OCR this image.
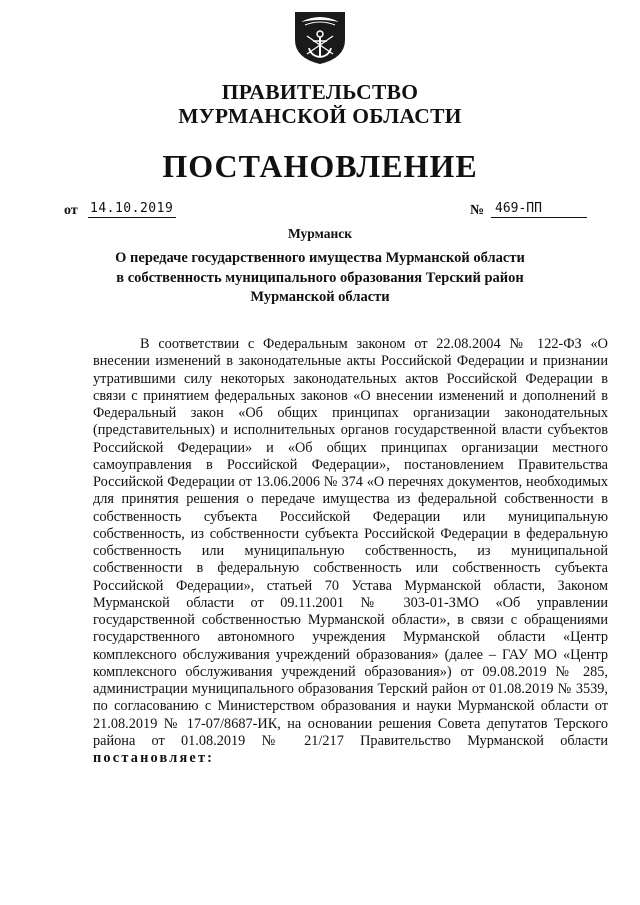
ПРАВИТЕЛЬСТВО
МУРМАНСКОЙ ОБЛАСТИ
ПОСТАНОВЛЕНИЕ
от 14.10.2019	№ 469-ПП
Мурманск
О передаче государственного имущества Мурманской области
в собственность муниципального образования Терский район
Мурманской области

В соответствии с Федеральным законом от 22.08.2004 № 122-ФЗ «О внесении изменений в законодательные акты Российской Федерации и признании утратившими силу некоторых законодательных актов Российской Федерации в связи с принятием федеральных законов «О внесении изменений и дополнений в Федеральный закон «Об общих принципах организации законодательных (представительных) и исполнительных органов государственной власти субъектов Российской Федерации» и «Об общих принципах организации местного самоуправления в Российской Федерации», постановлением Правительства Российской Федерации от 13.06.2006 № 374 «О перечнях документов, необходимых для принятия решения о передаче имущества из федеральной собственности в собственность субъекта Российской Федерации или муниципальную собственность, из собственности субъекта Российской Федерации в федеральную собственность или муниципальную собственность, из муниципальной собственности в федеральную собственность или собственность субъекта Российской Федерации», статьей 70 Устава Мурманской области, Законом Мурманской области от 09.11.2001 № 303-01-ЗМО «Об управлении государственной собственностью Мурманской области», в связи с обращениями государственного автономного учреждения Мурманской области «Центр комплексного обслуживания учреждений образования» (далее – ГАУ МО «Центр комплексного обслуживания учреждений образования») от 09.08.2019 № 285, администрации муниципального образования Терский район от 01.08.2019 № 3539, по согласованию с Министерством образования и науки Мурманской области от 21.08.2019 № 17-07/8687-ИК, на основании решения Совета депутатов Терского района от 01.08.2019 № 21/217 Правительство Мурманской области постановляет:
